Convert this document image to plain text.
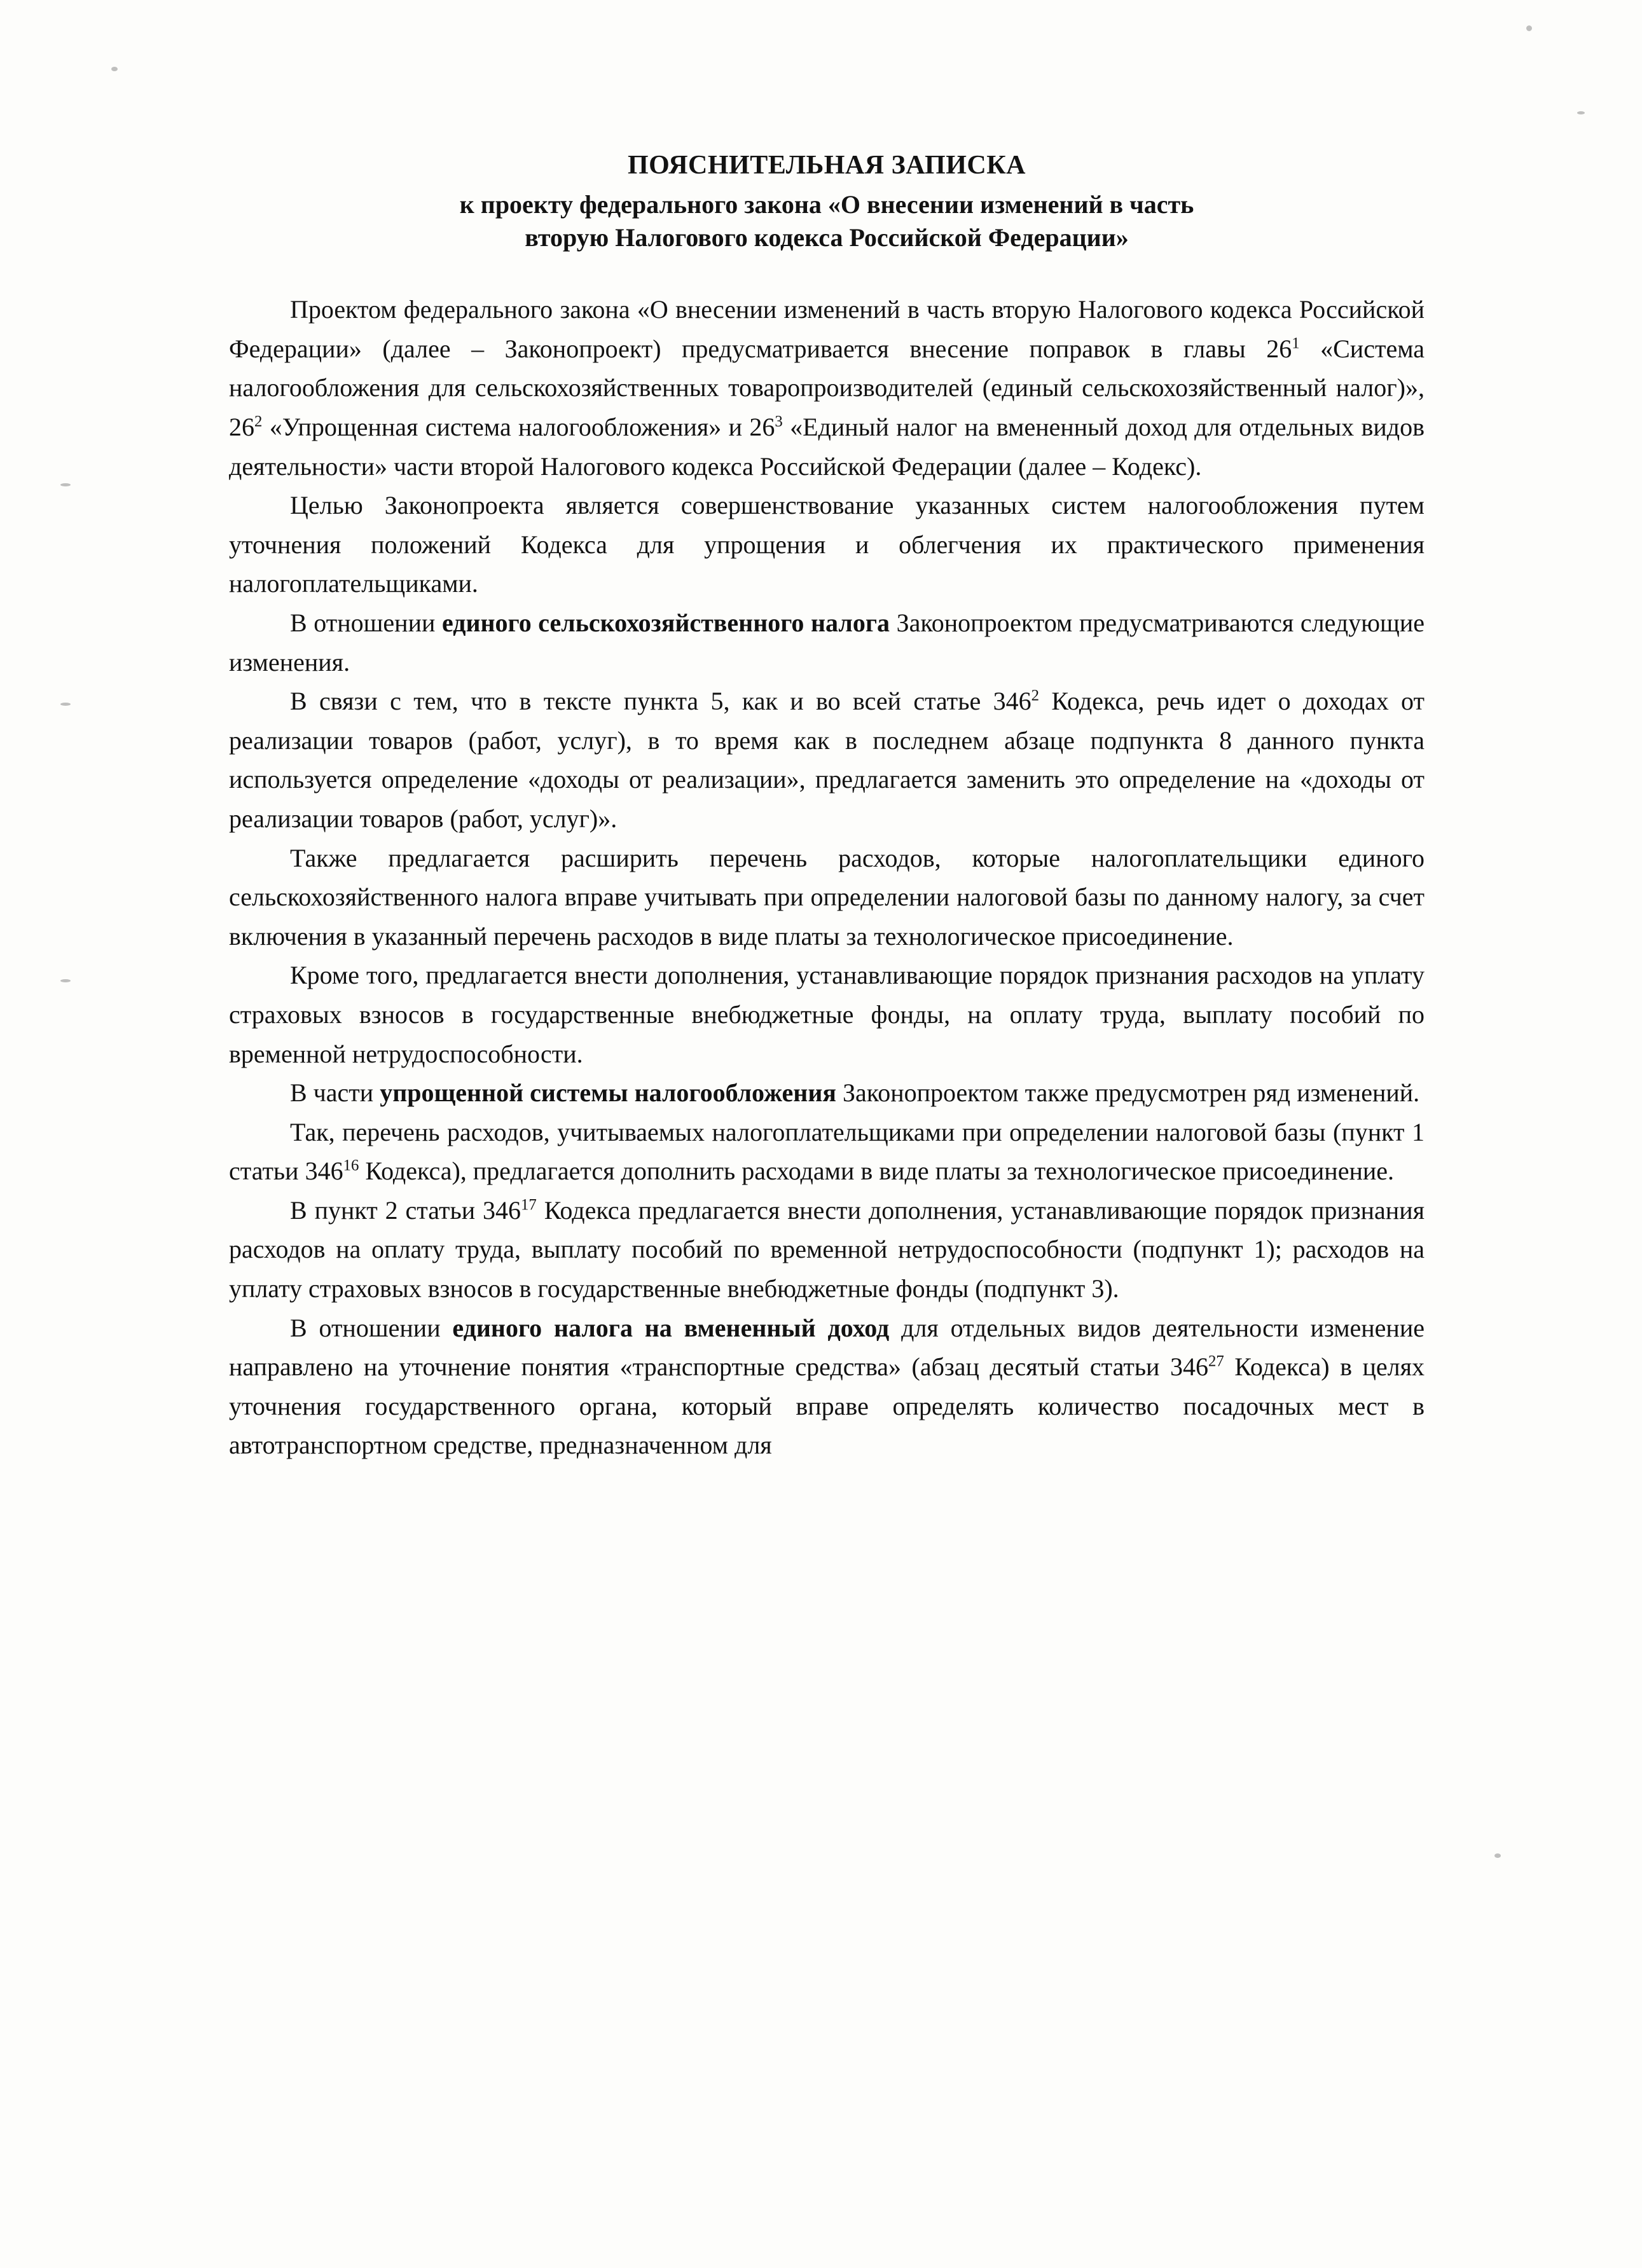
ПОЯСНИТЕЛЬНАЯ ЗАПИСКА
к проекту федерального закона «О внесении изменений в часть
вторую Налогового кодекса Российской Федерации»

Проектом федерального закона «О внесении изменений в часть вторую Налогового кодекса Российской Федерации» (далее – Законопроект) предусматривается внесение поправок в главы $26^1$ «Система налогообложения для сельскохозяйственных товаропроизводителей (единый сельскохозяйственный налог)», $26^2$ «Упрощенная система налогообложения» и $26^3$ «Единый налог на вмененный доход для отдельных видов деятельности» части второй Налогового кодекса Российской Федерации (далее – Кодекс).

Целью Законопроекта является совершенствование указанных систем налогообложения путем уточнения положений Кодекса для упрощения и облегчения их практического применения налогоплательщиками.

В отношении единого сельскохозяйственного налога Законопроектом предусматриваются следующие изменения.

В связи с тем, что в тексте пункта 5, как и во всей статье $346^2$ Кодекса, речь идет о доходах от реализации товаров (работ, услуг), в то время как в последнем абзаце подпункта 8 данного пункта используется определение «доходы от реализации», предлагается заменить это определение на «доходы от реализации товаров (работ, услуг)».

Также предлагается расширить перечень расходов, которые налогоплательщики единого сельскохозяйственного налога вправе учитывать при определении налоговой базы по данному налогу, за счет включения в указанный перечень расходов в виде платы за технологическое присоединение.

Кроме того, предлагается внести дополнения, устанавливающие порядок признания расходов на уплату страховых взносов в государственные внебюджетные фонды, на оплату труда, выплату пособий по временной нетрудоспособности.

В части упрощенной системы налогообложения Законопроектом также предусмотрен ряд изменений.

Так, перечень расходов, учитываемых налогоплательщиками при определении налоговой базы (пункт 1 статьи $346^{16}$ Кодекса), предлагается дополнить расходами в виде платы за технологическое присоединение.

В пункт 2 статьи $346^{17}$ Кодекса предлагается внести дополнения, устанавливающие порядок признания расходов на оплату труда, выплату пособий по временной нетрудоспособности (подпункт 1); расходов на уплату страховых взносов в государственные внебюджетные фонды (подпункт 3).

В отношении единого налога на вмененный доход для отдельных видов деятельности изменение направлено на уточнение понятия «транспортные средства» (абзац десятый статьи $346^{27}$ Кодекса) в целях уточнения государственного органа, который вправе определять количество посадочных мест в автотранспортном средстве, предназначенном для
